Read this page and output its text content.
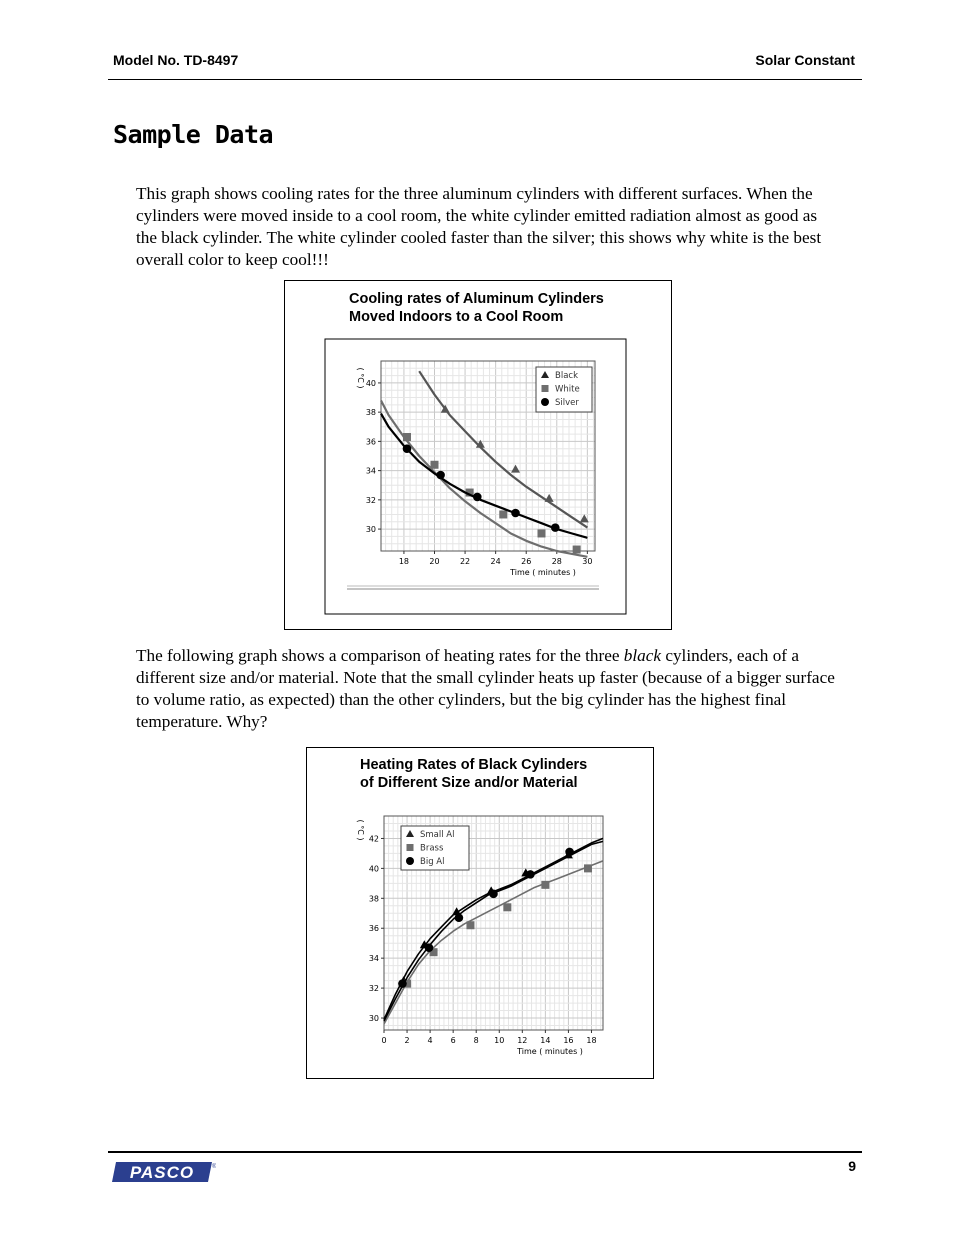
Model No. TD-8497	Solar Constant
Sample Data

This graph shows cooling rates for the three aluminum cylinders with different surfaces. When the cylinders were moved inside to a cool room, the white cylinder emitted radiation almost as good as the black cylinder. The white cylinder cooled faster than the silver; this shows why white is the best overall color to keep cool!!!

Cooling rates of Aluminum Cylinders
Moved Indoors to a Cool Room
18	20	22	24	26	28	30
30
32
34
36
38
40
Time ( minutes )
( °C )	Black
White
Silver

The following graph shows a comparison of heating rates for the three black cylinders, each of a different size and/or material. Note that the small cylinder heats up faster (because of a bigger surface to volume ratio, as expected) than the other cylinders, but the big cylinder has the highest final temperature. Why?

Heating Rates of Black Cylinders
of Different Size and/or Material
0 2 4 6 8 10 12 14 16 18
30
32
34
36
38
40
42
Time ( minutes )
( °C )	Small Al
Brass
Big Al
PASCO	®	9
